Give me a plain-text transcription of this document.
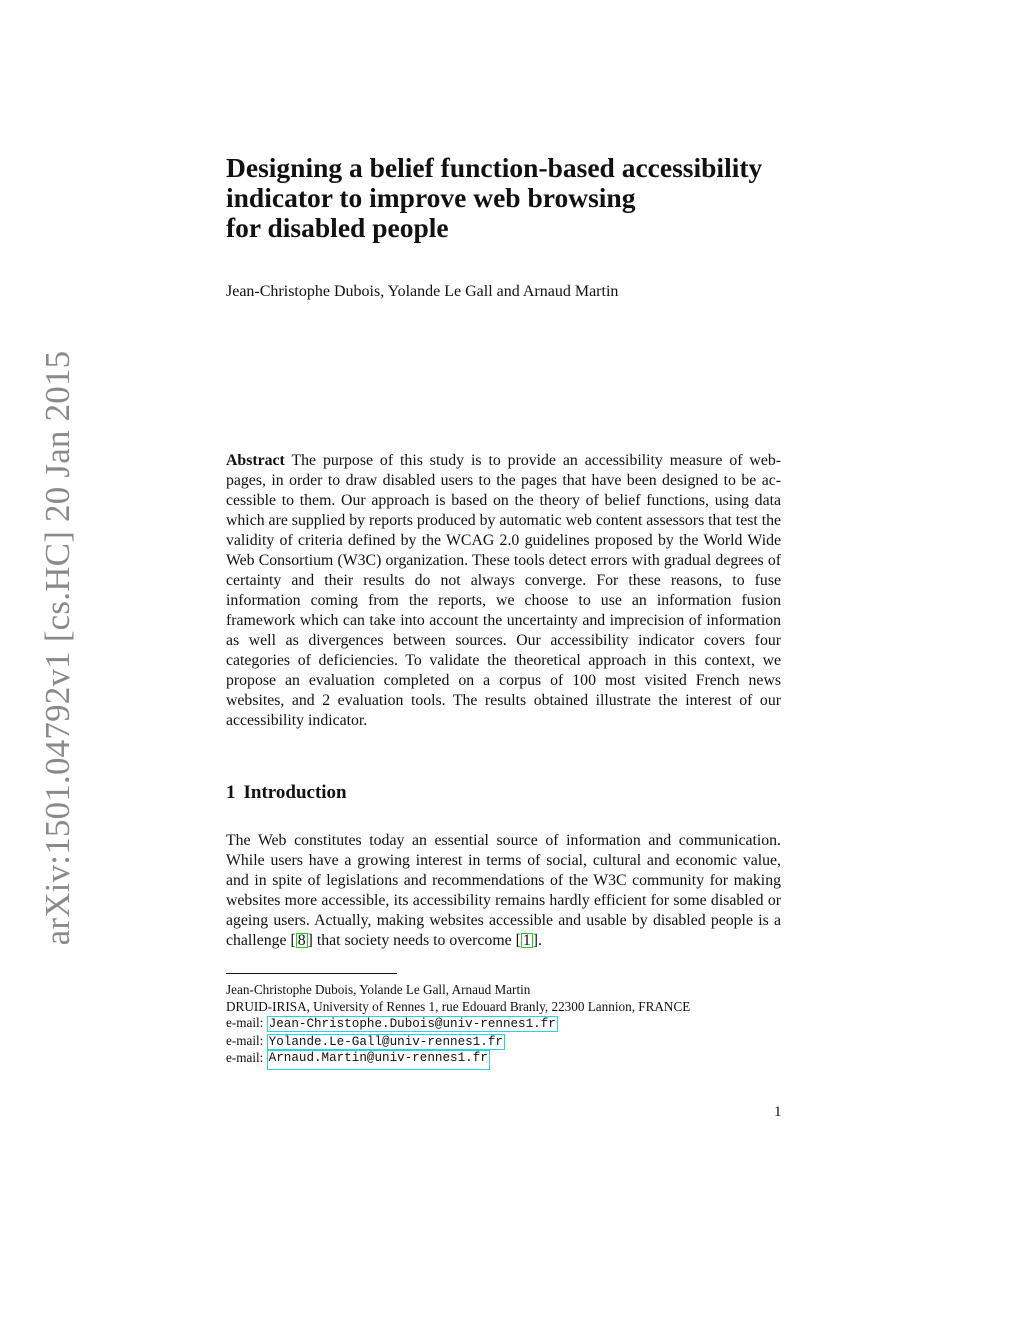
arXiv:1501.04792v1 [cs.HC] 20 Jan 2015
Designing a belief function-based accessibility
indicator to improve web browsing
for disabled people
Jean-Christophe Dubois, Yolande Le Gall and Arnaud Martin
Abstract The purpose of this study is to provide an accessibility measure of web-pages, in order to draw disabled users to the pages that have been designed to be accessible to them. Our approach is based on the theory of belief functions, using data which are supplied by reports produced by automatic web content assessors that test the validity of criteria defined by the WCAG 2.0 guidelines proposed by the World Wide Web Consortium (W3C) organization. These tools detect errors with gradual degrees of certainty and their results do not always converge. For these reasons, to fuse information coming from the reports, we choose to use an information fusion framework which can take into account the uncertainty and imprecision of information as well as divergences between sources. Our accessibility indicator covers four categories of deficiencies. To validate the theoretical approach in this context, we propose an evaluation completed on a corpus of 100 most visited French news websites, and 2 evaluation tools. The results obtained illustrate the interest of our accessibility indicator.
1 Introduction
The Web constitutes today an essential source of information and communication. While users have a growing interest in terms of social, cultural and economic value, and in spite of legislations and recommendations of the W3C community for making websites more accessible, its accessibility remains hardly efficient for some disabled or ageing users. Actually, making websites accessible and usable by disabled people is a challenge [ 8 ] that society needs to overcome [ 1 ].
Jean-Christophe Dubois, Yolande Le Gall, Arnaud Martin
DRUID-IRISA, University of Rennes 1, rue Edouard Branly, 22300 Lannion, FRANCE
e-mail: Jean-Christophe.Dubois@univ-rennes1.fr
e-mail: Yolande.Le-Gall@univ-rennes1.fr
e-mail: Arnaud.Martin@univ-rennes1.fr
1
